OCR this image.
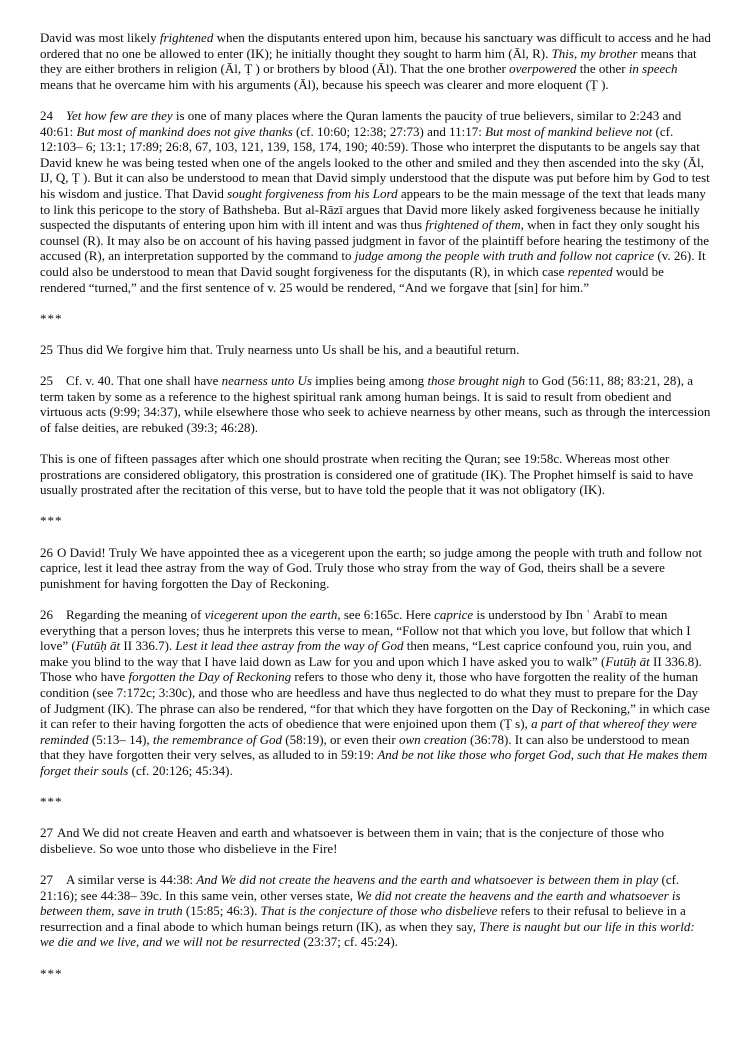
David was most likely frightened when the disputants entered upon him, because his sanctuary was difficult to access and he had ordered that no one be allowed to enter (IK); he initially thought they sought to harm him (Āl, R). This, my brother means that they are either brothers in religion (Āl, Ṭ ) or brothers by blood (Āl). That the one brother overpowered the other in speech means that he overcame him with his arguments (Āl), because his speech was clearer and more eloquent (Ṭ ).

24 Yet how few are they is one of many places where the Quran laments the paucity of true believers, similar to 2:243 and 40:61: But most of mankind does not give thanks (cf. 10:60; 12:38; 27:73) and 11:17: But most of mankind believe not (cf. 12:103– 6; 13:1; 17:89; 26:8, 67, 103, 121, 139, 158, 174, 190; 40:59). Those who interpret the disputants to be angels say that David knew he was being tested when one of the angels looked to the other and smiled and they then ascended into the sky (Āl, IJ, Q, Ṭ ). But it can also be understood to mean that David simply understood that the dispute was put before him by God to test his wisdom and justice. That David sought forgiveness from his Lord appears to be the main message of the text that leads many to link this pericope to the story of Bathsheba. But al-Rāzī argues that David more likely asked forgiveness because he initially suspected the disputants of entering upon him with ill intent and was thus frightened of them, when in fact they only sought his counsel (R). It may also be on account of his having passed judgment in favor of the plaintiff before hearing the testimony of the accused (R), an interpretation supported by the command to judge among the people with truth and follow not caprice (v. 26). It could also be understood to mean that David sought forgiveness for the disputants (R), in which case repented would be rendered “turned,” and the first sentence of v. 25 would be rendered, “And we forgave that [sin] for him.”

***

25 Thus did We forgive him that. Truly nearness unto Us shall be his, and a beautiful return.

25 Cf. v. 40. That one shall have nearness unto Us implies being among those brought nigh to God (56:11, 88; 83:21, 28), a term taken by some as a reference to the highest spiritual rank among human beings. It is said to result from obedient and virtuous acts (9:99; 34:37), while elsewhere those who seek to achieve nearness by other means, such as through the intercession of false deities, are rebuked (39:3; 46:28).

This is one of fifteen passages after which one should prostrate when reciting the Quran; see 19:58c. Whereas most other prostrations are considered obligatory, this prostration is considered one of gratitude (IK). The Prophet himself is said to have usually prostrated after the recitation of this verse, but to have told the people that it was not obligatory (IK).

***

26 O David! Truly We have appointed thee as a vicegerent upon the earth; so judge among the people with truth and follow not caprice, lest it lead thee astray from the way of God. Truly those who stray from the way of God, theirs shall be a severe punishment for having forgotten the Day of Reckoning.

26 Regarding the meaning of vicegerent upon the earth, see 6:165c. Here caprice is understood by Ibn ʿ Arabī to mean everything that a person loves; thus he interprets this verse to mean, “Follow not that which you love, but follow that which I love” (Futūḥ āt II 336.7). Lest it lead thee astray from the way of God then means, “Lest caprice confound you, ruin you, and make you blind to the way that I have laid down as Law for you and upon which I have asked you to walk” (Futūḥ āt II 336.8). Those who have forgotten the Day of Reckoning refers to those who deny it, those who have forgotten the reality of the human condition (see 7:172c; 3:30c), and those who are heedless and have thus neglected to do what they must to prepare for the Day of Judgment (IK). The phrase can also be rendered, “for that which they have forgotten on the Day of Reckoning,” in which case it can refer to their having forgotten the acts of obedience that were enjoined upon them (Ṭ s), a part of that whereof they were reminded (5:13– 14), the remembrance of God (58:19), or even their own creation (36:78). It can also be understood to mean that they have forgotten their very selves, as alluded to in 59:19: And be not like those who forget God, such that He makes them forget their souls (cf. 20:126; 45:34).

***

27 And We did not create Heaven and earth and whatsoever is between them in vain; that is the conjecture of those who disbelieve. So woe unto those who disbelieve in the Fire!

27 A similar verse is 44:38: And We did not create the heavens and the earth and whatsoever is between them in play (cf. 21:16); see 44:38– 39c. In this same vein, other verses state, We did not create the heavens and the earth and whatsoever is between them, save in truth (15:85; 46:3). That is the conjecture of those who disbelieve refers to their refusal to believe in a resurrection and a final abode to which human beings return (IK), as when they say, There is naught but our life in this world: we die and we live, and we will not be resurrected (23:37; cf. 45:24).

***
